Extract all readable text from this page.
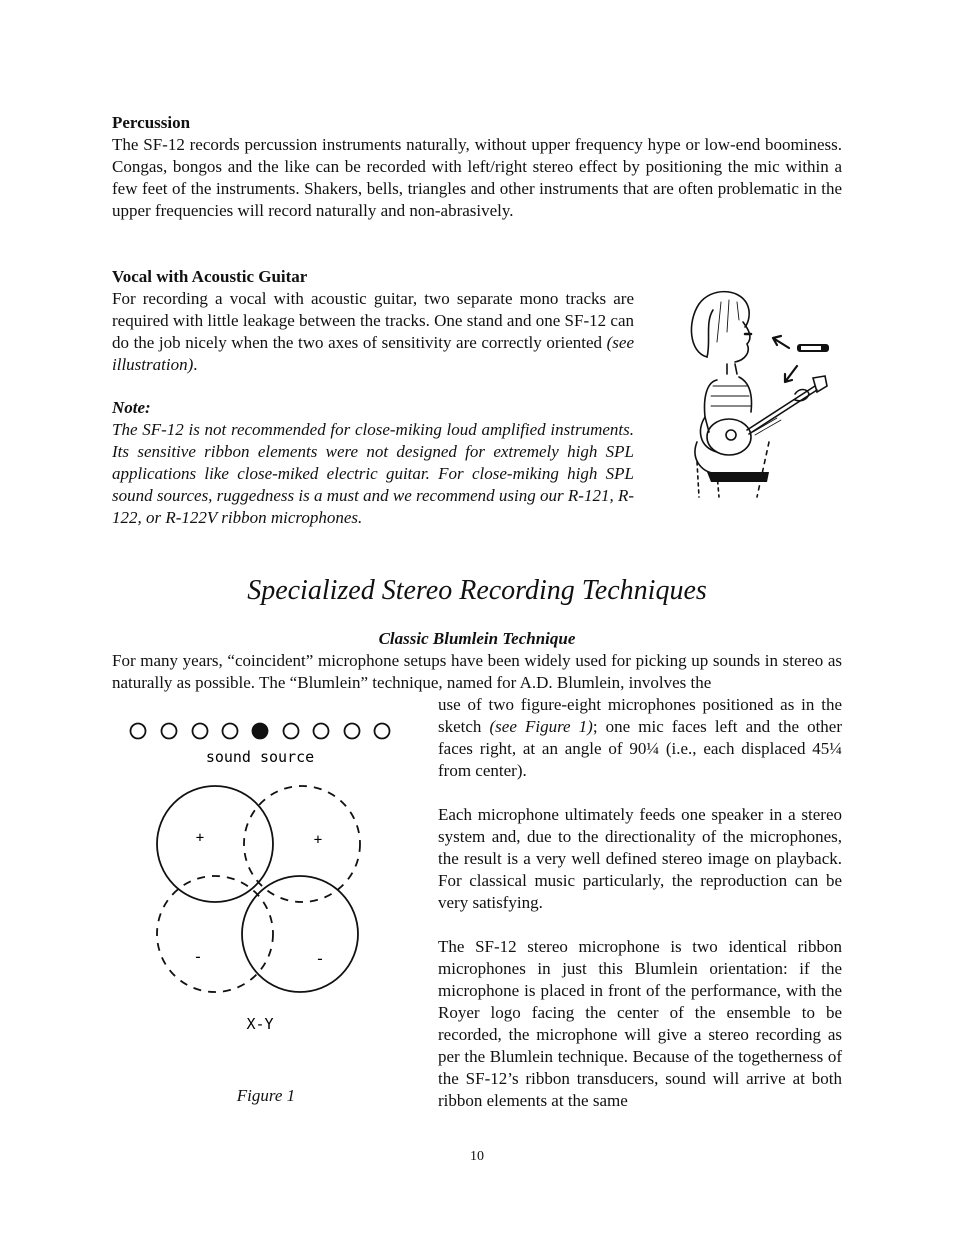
Percussion

The SF-12 records percussion instruments naturally, without upper frequency hype or low-end boominess. Congas, bongos and the like can be recorded with left/right stereo effect by positioning the mic within a few feet of the instruments. Shakers, bells, triangles and other instruments that are often problematic in the upper frequencies will record naturally and non-abrasively.

Vocal with Acoustic Guitar

For recording a vocal with acoustic guitar, two separate mono tracks are required with little leakage between the tracks. One stand and one SF-12 can do the job nicely when the two axes of sensitivity are correctly oriented (see illustration).

Note:

The SF-12 is not recommended for close-miking loud amplified instruments. Its sensitive ribbon elements were not designed for extremely high SPL applications like close-miked electric guitar. For close-miking high SPL sound sources, ruggedness is a must and we recommend using our R-121, R-122, or R-122V ribbon microphones.

Specialized Stereo Recording Techniques

Classic Blumlein Technique

For many years, “coincident” microphone setups have been widely used for picking up sounds in stereo as naturally as possible. The “Blumlein” technique, named for A.D. Blumlein, involves the

use of two figure-eight microphones positioned as in the sketch (see Figure 1); one mic faces left and the other faces right, at an angle of 90¼ (i.e., each displaced 45¼ from center).

Each microphone ultimately feeds one speaker in a stereo system and, due to the directionality of the microphones, the result is a very well defined stereo image on playback. For classical music particularly, the reproduction can be very satisfying.

The SF-12 stereo microphone is two identical ribbon microphones in just this Blumlein orientation: if the microphone is placed in front of the performance, with the Royer logo facing the center of the ensemble to be recorded, the microphone will give a stereo recording as per the Blumlein technique. Because of the togetherness of the SF-12’s ribbon transducers, sound will arrive at both ribbon elements at the same

sound source
+	+
-	-
X-Y

Figure 1

10
